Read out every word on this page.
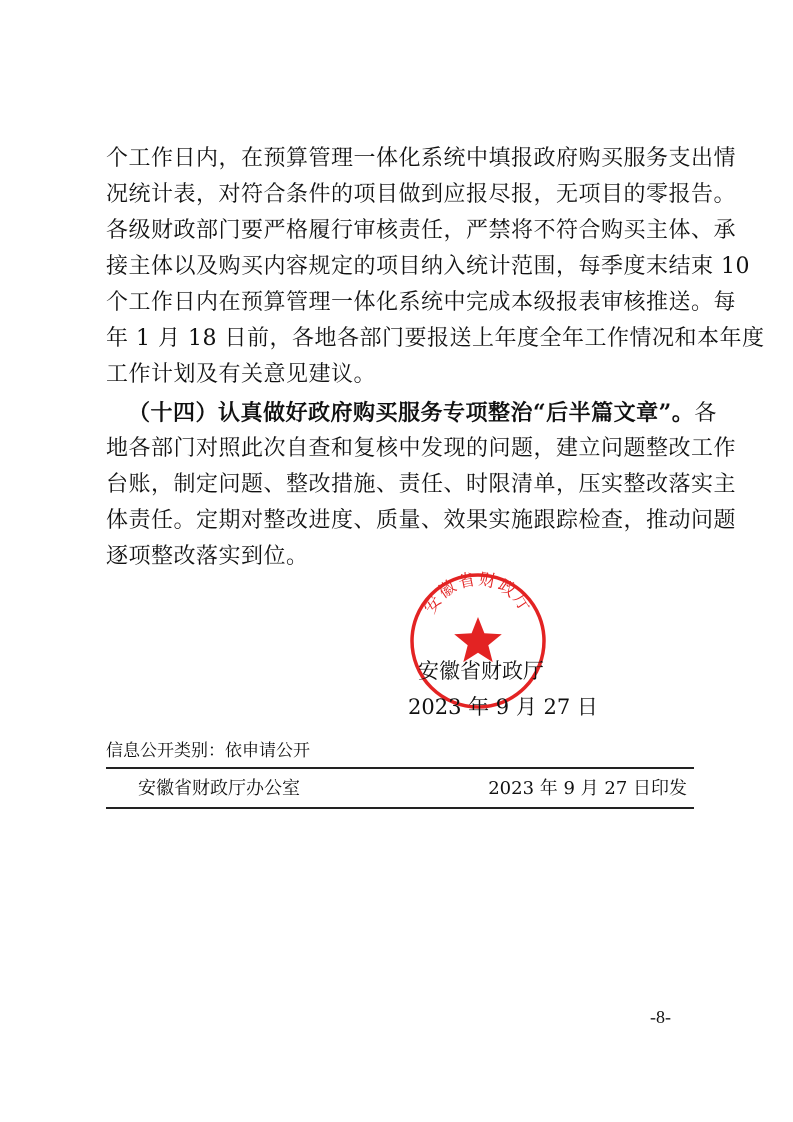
个工作日内，在预算管理一体化系统中填报政府购买服务支出情
况统计表，对符合条件的项目做到应报尽报，无项目的零报告。
各级财政部门要严格履行审核责任，严禁将不符合购买主体、承
接主体以及购买内容规定的项目纳入统计范围，每季度末结束 10
个工作日内在预算管理一体化系统中完成本级报表审核推送。每
年 1 月 18 日前，各地各部门要报送上年度全年工作情况和本年度
工作计划及有关意见建议。
（十四）认真做好政府购买服务专项整治“后半篇文章”。各
地各部门对照此次自查和复核中发现的问题，建立问题整改工作
台账，制定问题、整改措施、责任、时限清单，压实整改落实主
体责任。定期对整改进度、质量、效果实施跟踪检查，推动问题
逐项整改落实到位。
安徽省财政厅
安徽省财政厅
2023 年 9 月 27 日
信息公开类别：依申请公开
安徽省财政厅办公室	2023 年 9 月 27 日印发
-8-
